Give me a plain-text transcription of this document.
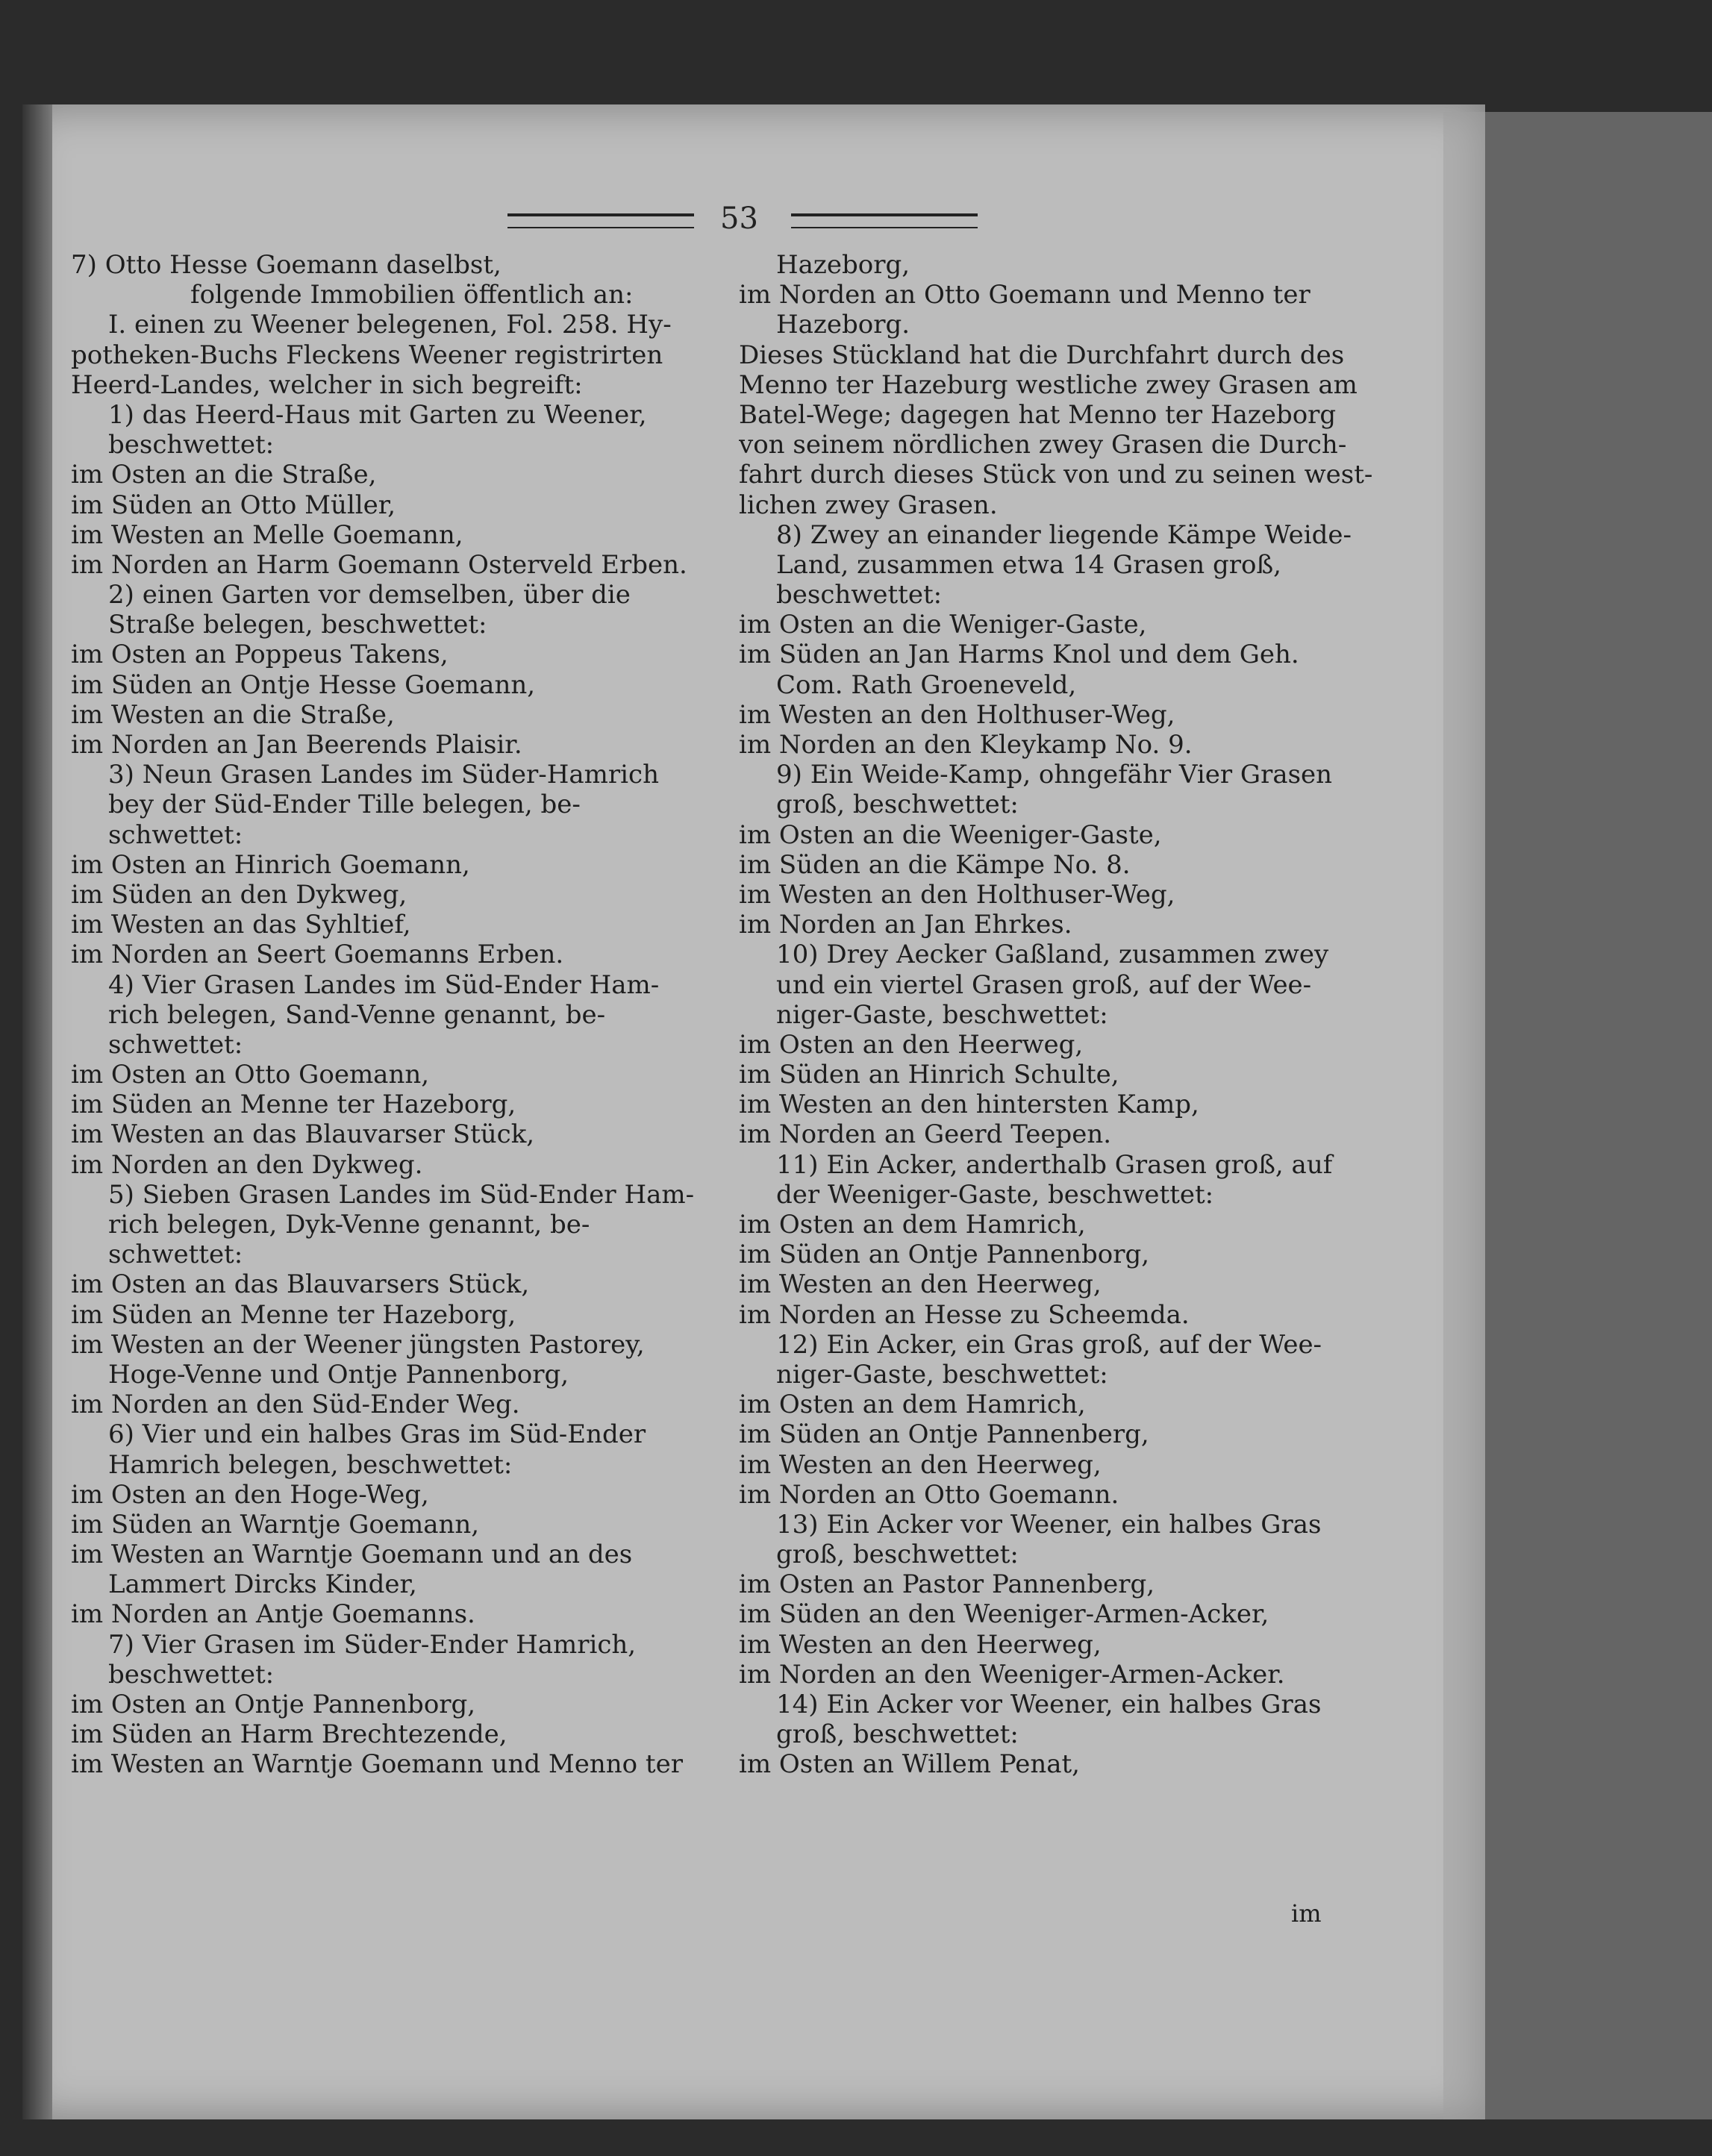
53
7) Otto Hesse Goemann daselbst,
folgende Immobilien öffentlich an:
I. einen zu Weener belegenen, Fol. 258. Hy-
potheken-Buchs Fleckens Weener registrirten
Heerd-Landes, welcher in sich begreift:
1) das Heerd-Haus mit Garten zu Weener,
beschwettet:
im Osten an die Straße,
im Süden an Otto Müller,
im Westen an Melle Goemann,
im Norden an Harm Goemann Osterveld Erben.
2) einen Garten vor demselben, über die
Straße belegen, beschwettet:
im Osten an Poppeus Takens,
im Süden an Ontje Hesse Goemann,
im Westen an die Straße,
im Norden an Jan Beerends Plaisir.
3) Neun Grasen Landes im Süder-Hamrich
bey der Süd-Ender Tille belegen, be-
schwettet:
im Osten an Hinrich Goemann,
im Süden an den Dykweg,
im Westen an das Syhltief,
im Norden an Seert Goemanns Erben.
4) Vier Grasen Landes im Süd-Ender Ham-
rich belegen, Sand-Venne genannt, be-
schwettet:
im Osten an Otto Goemann,
im Süden an Menne ter Hazeborg,
im Westen an das Blauvarser Stück,
im Norden an den Dykweg.
5) Sieben Grasen Landes im Süd-Ender Ham-
rich belegen, Dyk-Venne genannt, be-
schwettet:
im Osten an das Blauvarsers Stück,
im Süden an Menne ter Hazeborg,
im Westen an der Weener jüngsten Pastorey,
Hoge-Venne und Ontje Pannenborg,
im Norden an den Süd-Ender Weg.
6) Vier und ein halbes Gras im Süd-Ender
Hamrich belegen, beschwettet:
im Osten an den Hoge-Weg,
im Süden an Warntje Goemann,
im Westen an Warntje Goemann und an des
Lammert Dircks Kinder,
im Norden an Antje Goemanns.
7) Vier Grasen im Süder-Ender Hamrich,
beschwettet:
im Osten an Ontje Pannenborg,
im Süden an Harm Brechtezende,
im Westen an Warntje Goemann und Menno ter
Hazeborg,
im Norden an Otto Goemann und Menno ter
Hazeborg.
Dieses Stückland hat die Durchfahrt durch des
Menno ter Hazeburg westliche zwey Grasen am
Batel-Wege; dagegen hat Menno ter Hazeborg
von seinem nördlichen zwey Grasen die Durch-
fahrt durch dieses Stück von und zu seinen west-
lichen zwey Grasen.
8) Zwey an einander liegende Kämpe Weide-
Land, zusammen etwa 14 Grasen groß,
beschwettet:
im Osten an die Weniger-Gaste,
im Süden an Jan Harms Knol und dem Geh.
Com. Rath Groeneveld,
im Westen an den Holthuser-Weg,
im Norden an den Kleykamp No. 9.
9) Ein Weide-Kamp, ohngefähr Vier Grasen
groß, beschwettet:
im Osten an die Weeniger-Gaste,
im Süden an die Kämpe No. 8.
im Westen an den Holthuser-Weg,
im Norden an Jan Ehrkes.
10) Drey Aecker Gaßland, zusammen zwey
und ein viertel Grasen groß, auf der Wee-
niger-Gaste, beschwettet:
im Osten an den Heerweg,
im Süden an Hinrich Schulte,
im Westen an den hintersten Kamp,
im Norden an Geerd Teepen.
11) Ein Acker, anderthalb Grasen groß, auf
der Weeniger-Gaste, beschwettet:
im Osten an dem Hamrich,
im Süden an Ontje Pannenborg,
im Westen an den Heerweg,
im Norden an Hesse zu Scheemda.
12) Ein Acker, ein Gras groß, auf der Wee-
niger-Gaste, beschwettet:
im Osten an dem Hamrich,
im Süden an Ontje Pannenberg,
im Westen an den Heerweg,
im Norden an Otto Goemann.
13) Ein Acker vor Weener, ein halbes Gras
groß, beschwettet:
im Osten an Pastor Pannenberg,
im Süden an den Weeniger-Armen-Acker,
im Westen an den Heerweg,
im Norden an den Weeniger-Armen-Acker.
14) Ein Acker vor Weener, ein halbes Gras
groß, beschwettet:
im Osten an Willem Penat,
im
